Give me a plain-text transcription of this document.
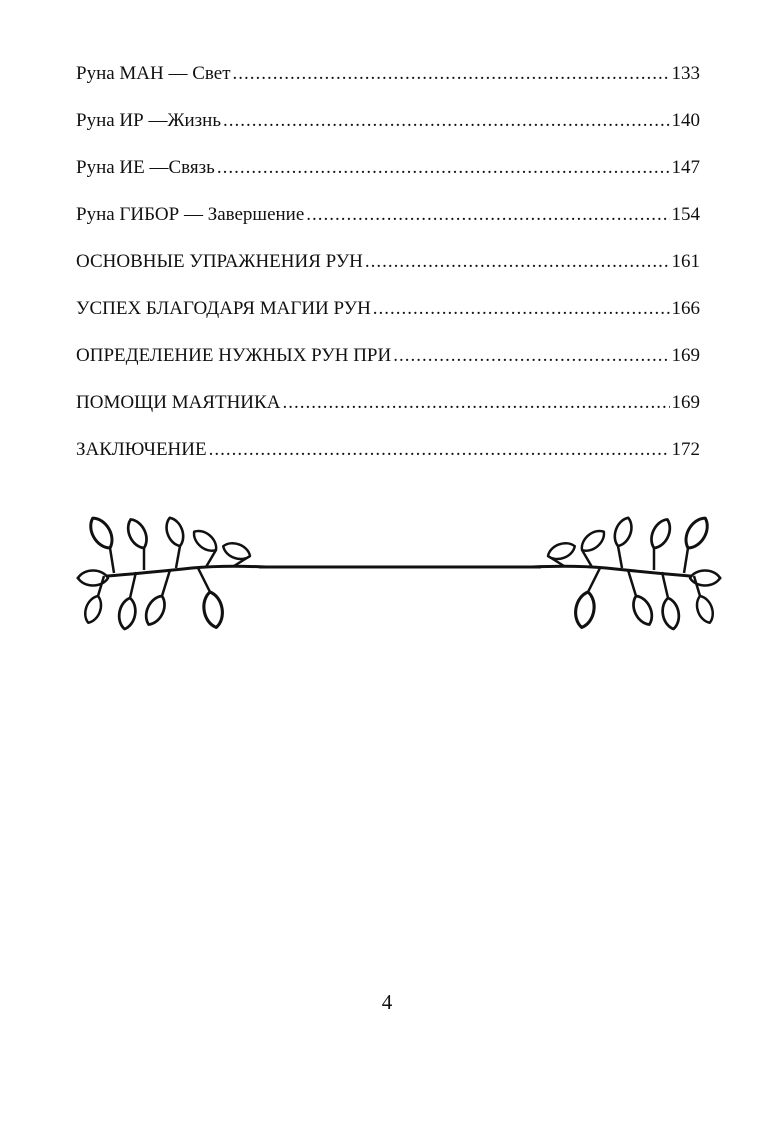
Руна МАН — Свет .....	133
Руна ИР —Жизнь .....	140
Руна ИЕ —Связь .....	147
Руна ГИБОР — Завершение .....	154
ОСНОВНЫЕ УПРАЖНЕНИЯ РУН .....	161
УСПЕХ БЛАГОДАРЯ МАГИИ РУН .....	166
ОПРЕДЕЛЕНИЕ НУЖНЫХ РУН ПРИ .....	169
ПОМОЩИ МАЯТНИКА .....	169
ЗАКЛЮЧЕНИЕ .....	172
4
